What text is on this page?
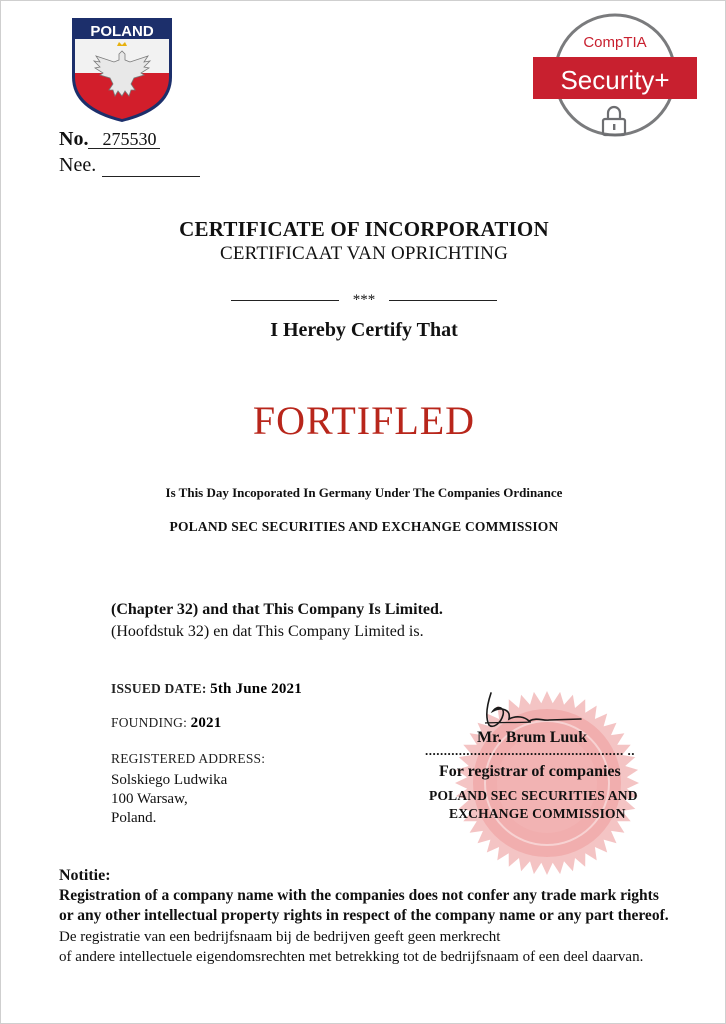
POLAND
CompTIA
Security+
No. 275530
Nee.
CERTIFICATE OF INCORPORATION
CERTIFICAAT VAN OPRICHTING
***
I Hereby Certify That
FORTIFLED
Is This Day Incoporated In Germany Under The Companies Ordinance
POLAND SEC SECURITIES AND EXCHANGE COMMISSION
(Chapter 32) and that This Company Is Limited.
(Hoofdstuk 32) en dat This Company Limited is.
ISSUED DATE: 5th June 2021
FOUNDING: 2021
REGISTERED ADDRESS:
Solskiego Ludwika
100 Warsaw,
Poland.
Mr. Brum Luuk
..................................................... ..
For registrar of companies
POLAND SEC SECURITIES AND
EXCHANGE COMMISSION
Notitie:
Registration of a company name with the companies does not confer any trade mark rights
or any other intellectual property rights in respect of the company name or any part thereof.
De registratie van een bedrijfsnaam bij de bedrijven geeft geen merkrecht
of andere intellectuele eigendomsrechten met betrekking tot de bedrijfsnaam of een deel daarvan.
